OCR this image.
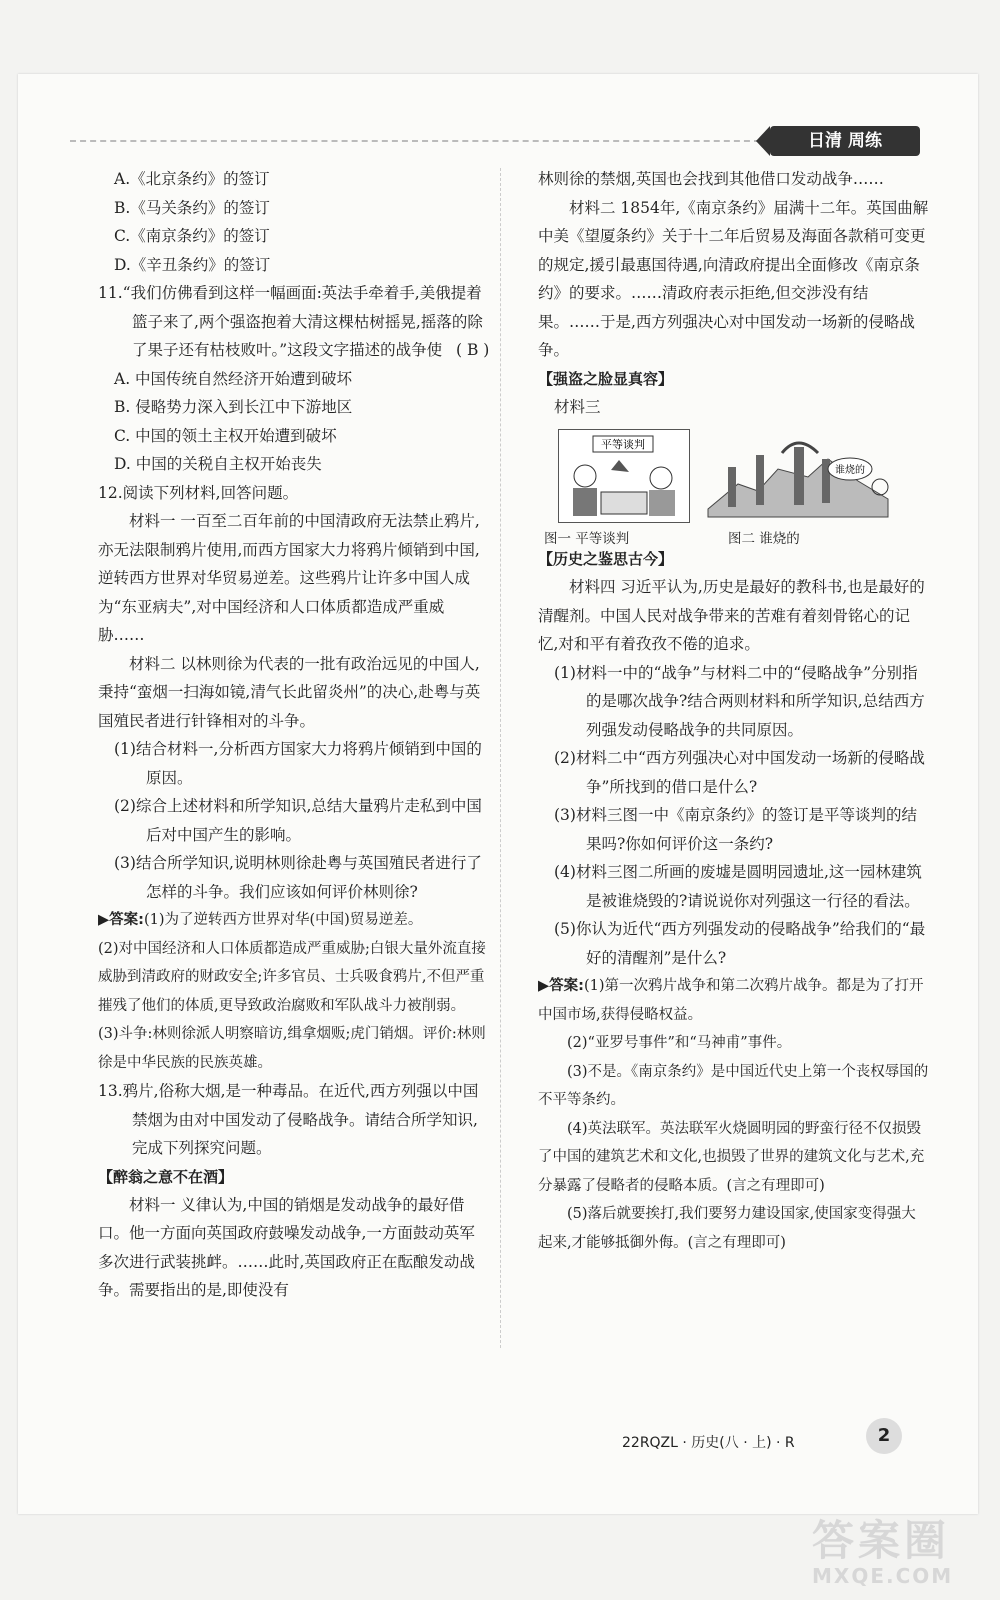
日清 周练

A.《北京条约》的签订

B.《马关条约》的签订

C.《南京条约》的签订

D.《辛丑条约》的签订

11.“我们仿佛看到这样一幅画面:英法手牵着手,美俄提着篮子来了,两个强盗抱着大清这棵枯树摇晃,摇落的除了果子还有枯枝败叶。”这段文字描述的战争使 ( B )

A. 中国传统自然经济开始遭到破坏

B. 侵略势力深入到长江中下游地区

C. 中国的领土主权开始遭到破坏

D. 中国的关税自主权开始丧失

12.阅读下列材料,回答问题。

材料一 一百至二百年前的中国清政府无法禁止鸦片,亦无法限制鸦片使用,而西方国家大力将鸦片倾销到中国,逆转西方世界对华贸易逆差。这些鸦片让许多中国人成为“东亚病夫”,对中国经济和人口体质都造成严重威胁……

材料二 以林则徐为代表的一批有政治远见的中国人,秉持“蛮烟一扫海如镜,清气长此留炎州”的决心,赴粤与英国殖民者进行针锋相对的斗争。

(1)结合材料一,分析西方国家大力将鸦片倾销到中国的原因。

(2)综合上述材料和所学知识,总结大量鸦片走私到中国后对中国产生的影响。

(3)结合所学知识,说明林则徐赴粤与英国殖民者进行了怎样的斗争。我们应该如何评价林则徐?

▶答案:(1)为了逆转西方世界对华(中国)贸易逆差。

(2)对中国经济和人口体质都造成严重威胁;白银大量外流直接威胁到清政府的财政安全;许多官员、士兵吸食鸦片,不但严重摧残了他们的体质,更导致政治腐败和军队战斗力被削弱。

(3)斗争:林则徐派人明察暗访,缉拿烟贩;虎门销烟。评价:林则徐是中华民族的民族英雄。

13.鸦片,俗称大烟,是一种毒品。在近代,西方列强以中国禁烟为由对中国发动了侵略战争。请结合所学知识,完成下列探究问题。

【醉翁之意不在酒】

材料一 义律认为,中国的销烟是发动战争的最好借口。他一方面向英国政府鼓噪发动战争,一方面鼓动英军多次进行武装挑衅。……此时,英国政府正在酝酿发动战争。需要指出的是,即使没有

林则徐的禁烟,英国也会找到其他借口发动战争……

材料二 1854年,《南京条约》届满十二年。英国曲解中美《望厦条约》关于十二年后贸易及海面各款稍可变更的规定,援引最惠国待遇,向清政府提出全面修改《南京条约》的要求。……清政府表示拒绝,但交涉没有结果。……于是,西方列强决心对中国发动一场新的侵略战争。

【强盗之脸显真容】

材料三

平等谈判
谁烧的
图一 平等谈判	图二 谁烧的

【历史之鉴思古今】

材料四 习近平认为,历史是最好的教科书,也是最好的清醒剂。中国人民对战争带来的苦难有着刻骨铭心的记忆,对和平有着孜孜不倦的追求。

(1)材料一中的“战争”与材料二中的“侵略战争”分别指的是哪次战争?结合两则材料和所学知识,总结西方列强发动侵略战争的共同原因。

(2)材料二中“西方列强决心对中国发动一场新的侵略战争”所找到的借口是什么?

(3)材料三图一中《南京条约》的签订是平等谈判的结果吗?你如何评价这一条约?

(4)材料三图二所画的废墟是圆明园遗址,这一园林建筑是被谁烧毁的?请说说你对列强这一行径的看法。

(5)你认为近代“西方列强发动的侵略战争”给我们的“最好的清醒剂”是什么?

▶答案:(1)第一次鸦片战争和第二次鸦片战争。都是为了打开中国市场,获得侵略权益。

(2)“亚罗号事件”和“马神甫”事件。

(3)不是。《南京条约》是中国近代史上第一个丧权辱国的不平等条约。

(4)英法联军。英法联军火烧圆明园的野蛮行径不仅损毁了中国的建筑艺术和文化,也损毁了世界的建筑文化与艺术,充分暴露了侵略者的侵略本质。(言之有理即可)

(5)落后就要挨打,我们要努力建设国家,使国家变得强大起来,才能够抵御外侮。(言之有理即可)

22RQZL · 历史(八 · 上) · R	2
答案圈
MXQE.COM
